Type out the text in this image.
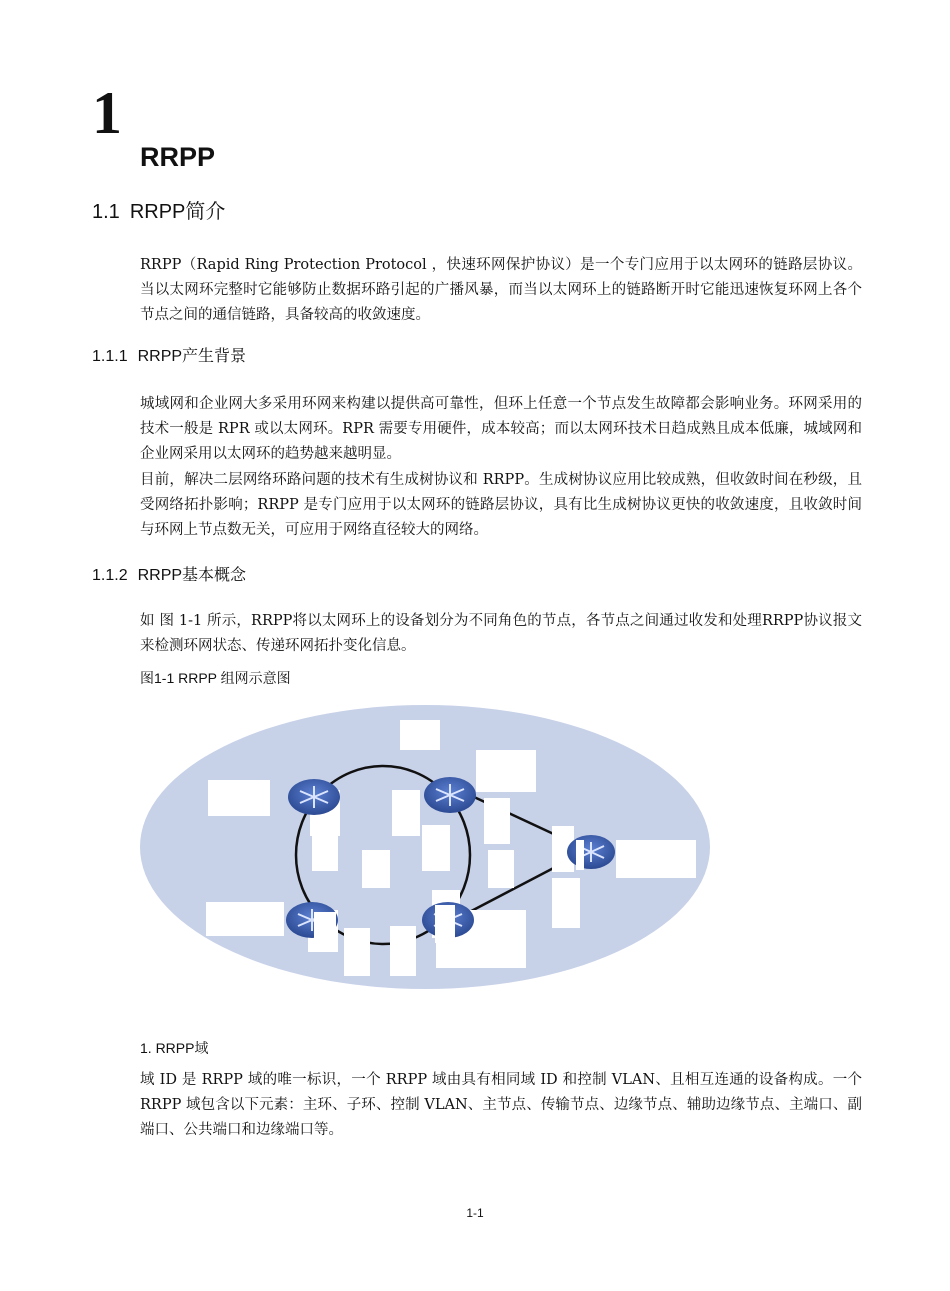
1
RRPP
1.1 RRPP简介
RRPP（Rapid Ring Protection Protocol ，快速环网保护协议）是一个专门应用于以太网环的链路层协议。当以太网环完整时它能够防止数据环路引起的广播风暴，而当以太网环上的链路断开时它能迅速恢复环网上各个节点之间的通信链路，具备较高的收敛速度。
1.1.1 RRPP产生背景
城域网和企业网大多采用环网来构建以提供高可靠性，但环上任意一个节点发生故障都会影响业务。环网采用的技术一般是 RPR 或以太网环。RPR 需要专用硬件，成本较高；而以太网环技术日趋成熟且成本低廉，城域网和企业网采用以太网环的趋势越来越明显。
目前，解决二层网络环路问题的技术有生成树协议和 RRPP。生成树协议应用比较成熟，但收敛时间在秒级，且受网络拓扑影响；RRPP 是专门应用于以太网环的链路层协议，具有比生成树协议更快的收敛速度，且收敛时间与环网上节点数无关，可应用于网络直径较大的网络。
1.1.2 RRPP基本概念
如 图 1-1 所示，RRPP将以太网环上的设备划分为不同角色的节点，各节点之间通过收发和处理RRPP协议报文来检测环网状态、传递环网拓扑变化信息。
图1-1 RRPP 组网示意图
1. RRPP域
域 ID 是 RRPP 域的唯一标识，一个 RRPP 域由具有相同域 ID 和控制 VLAN、且相互连通的设备构成。一个 RRPP 域包含以下元素：主环、子环、控制 VLAN、主节点、传输节点、边缘节点、辅助边缘节点、主端口、副端口、公共端口和边缘端口等。
1-1
